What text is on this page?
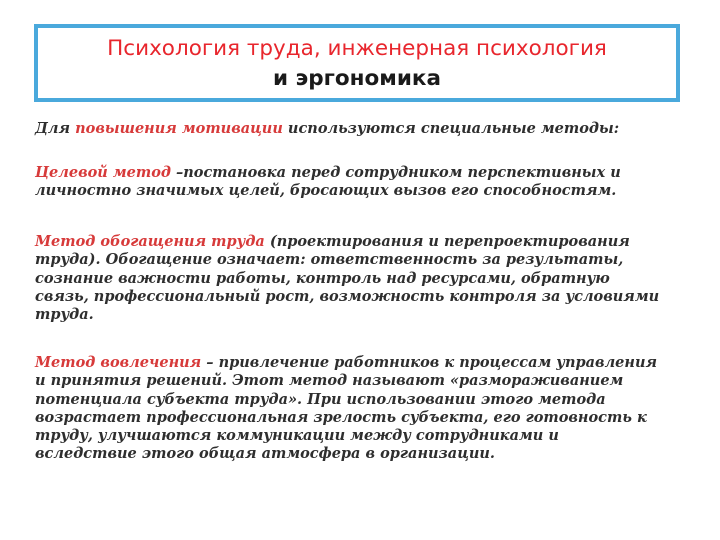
Психология труда, инженерная психология
и эргономика
Для повышения мотивации используются специальные методы:
Целевой метод –постановка перед сотрудником перспективных и
личностно значимых целей, бросающих вызов его способностям.
Метод обогащения труда (проектирования и перепроектирования
труда). Обогащение означает: ответственность за результаты,
сознание важности работы, контроль над ресурсами, обратную
связь, профессиональный рост, возможность контроля за условиями
труда.
Метод вовлечения – привлечение работников к процессам управления
и принятия решений. Этот метод называют «размораживанием
потенциала субъекта труда». При использовании этого метода
возрастает профессиональная зрелость субъекта, его готовность к
труду, улучшаются коммуникации между сотрудниками и
вследствие этого общая атмосфера в организации.
